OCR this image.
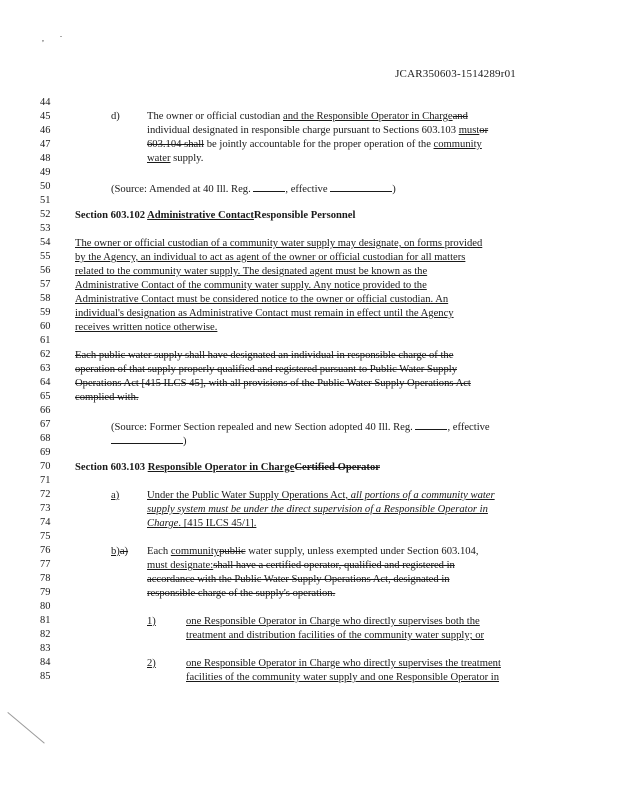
, .
JCAR350603-1514289r01
44
45
46
47
48
49
50
51
52
53
54
55
56
57
58
59
60
61
62
63
64
65
66
67
68
69
70
71
72
73
74
75
76
77
78
79
80
81
82
83
84
85
d)	The owner or official custodian and the Responsible Operator in Chargeand
individual designated in responsible charge pursuant to Sections 603.103 mustor
603.104 shall be jointly accountable for the proper operation of the community
water supply.
(Source: Amended at 40 Ill. Reg.	, effective	)
Section 603.102 Administrative ContactResponsible Personnel
The owner or official custodian of a community water supply may designate, on forms provided
by the Agency, an individual to act as agent of the owner or official custodian for all matters
related to the community water supply. The designated agent must be known as the
Administrative Contact of the community water supply. Any notice provided to the
Administrative Contact must be considered notice to the owner or official custodian. An
individual's designation as Administrative Contact must remain in effect until the Agency
receives written notice otherwise.
Each public water supply shall have designated an individual in responsible charge of the
operation of that supply properly qualified and registered pursuant to Public Water Supply
Operations Act [415 ILCS 45], with all provisions of the Public Water Supply Operations Act
complied with.
(Source: Former Section repealed and new Section adopted 40 Ill. Reg.	, effective
)
Section 603.103 Responsible Operator in ChargeCertified Operator
a)	Under the Public Water Supply Operations Act, all portions of a community water
supply system must be under the direct supervision of a Responsible Operator in
Charge. [415 ILCS 45/1].
b)a) Each communitypublic water supply, unless exempted under Section 603.104,
must designate:shall have a certified operator, qualified and registered in
accordance with the Public Water Supply Operations Act, designated in
responsible charge of the supply's operation.
1)	one Responsible Operator in Charge who directly supervises both the
treatment and distribution facilities of the community water supply; or
2)	one Responsible Operator in Charge who directly supervises the treatment
facilities of the community water supply and one Responsible Operator in
